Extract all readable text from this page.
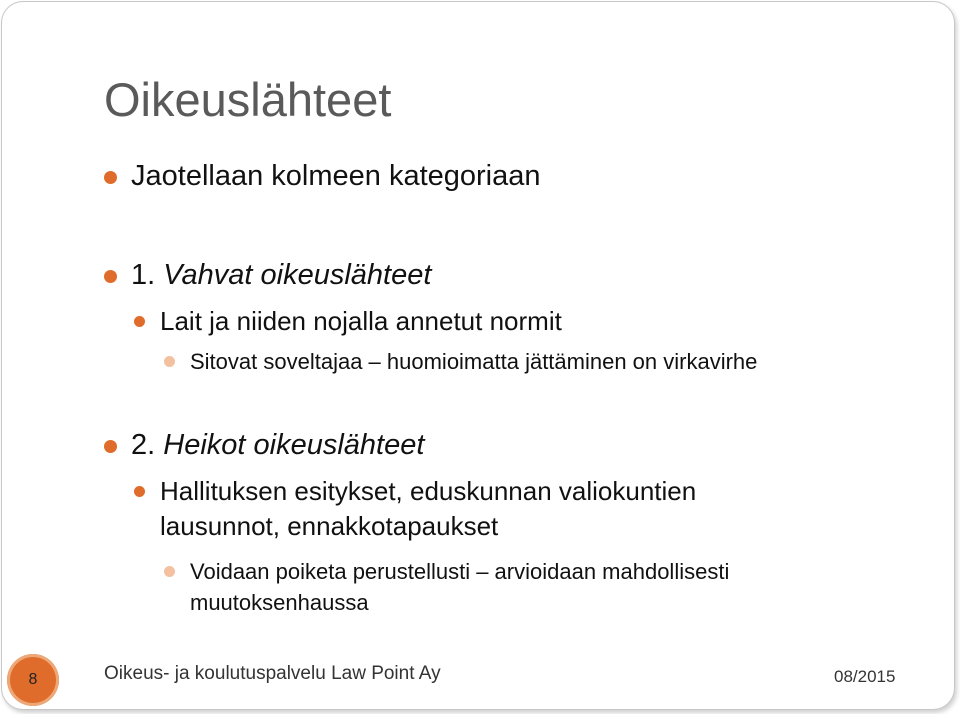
Oikeuslähteet
Jaotellaan kolmeen kategoriaan
1. Vahvat oikeuslähteet
Lait ja niiden nojalla annetut normit
Sitovat soveltajaa – huomioimatta jättäminen on virkavirhe
2. Heikot oikeuslähteet
Hallituksen esitykset, eduskunnan valiokuntien
lausunnot, ennakkotapaukset
Voidaan poiketa perustellusti – arvioidaan mahdollisesti
muutoksenhaussa
8	Oikeus- ja koulutuspalvelu Law Point Ay	08/2015
